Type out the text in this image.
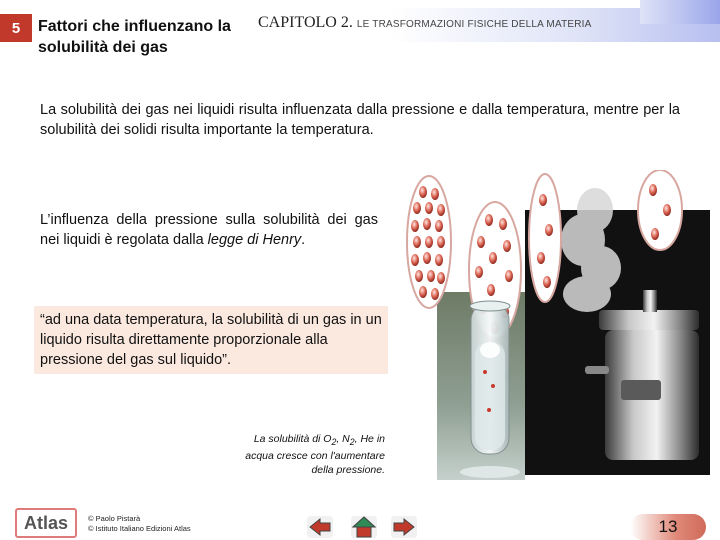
5	Fattori che influenzano la solubilità dei gas
CAPITOLO 2. LE TRASFORMAZIONI FISICHE DELLA MATERIA
La solubilità dei gas nei liquidi risulta influenzata dalla pressione e dalla temperatura, mentre per la solubilità dei solidi risulta importante la temperatura.
L’influenza della pressione sulla solubilità dei gas nei liquidi è regolata dalla legge di Henry.
“ad una data temperatura, la solubilità di un gas in un liquido risulta direttamente proporzionale alla pressione del gas sul liquido”.
La solubilità di $O_2$, $N_2$, He in
acqua cresce con l'aumentare
della pressione.
Atlas	© Paolo Pistarà
© Istituto Italiano Edizioni Atlas	13
